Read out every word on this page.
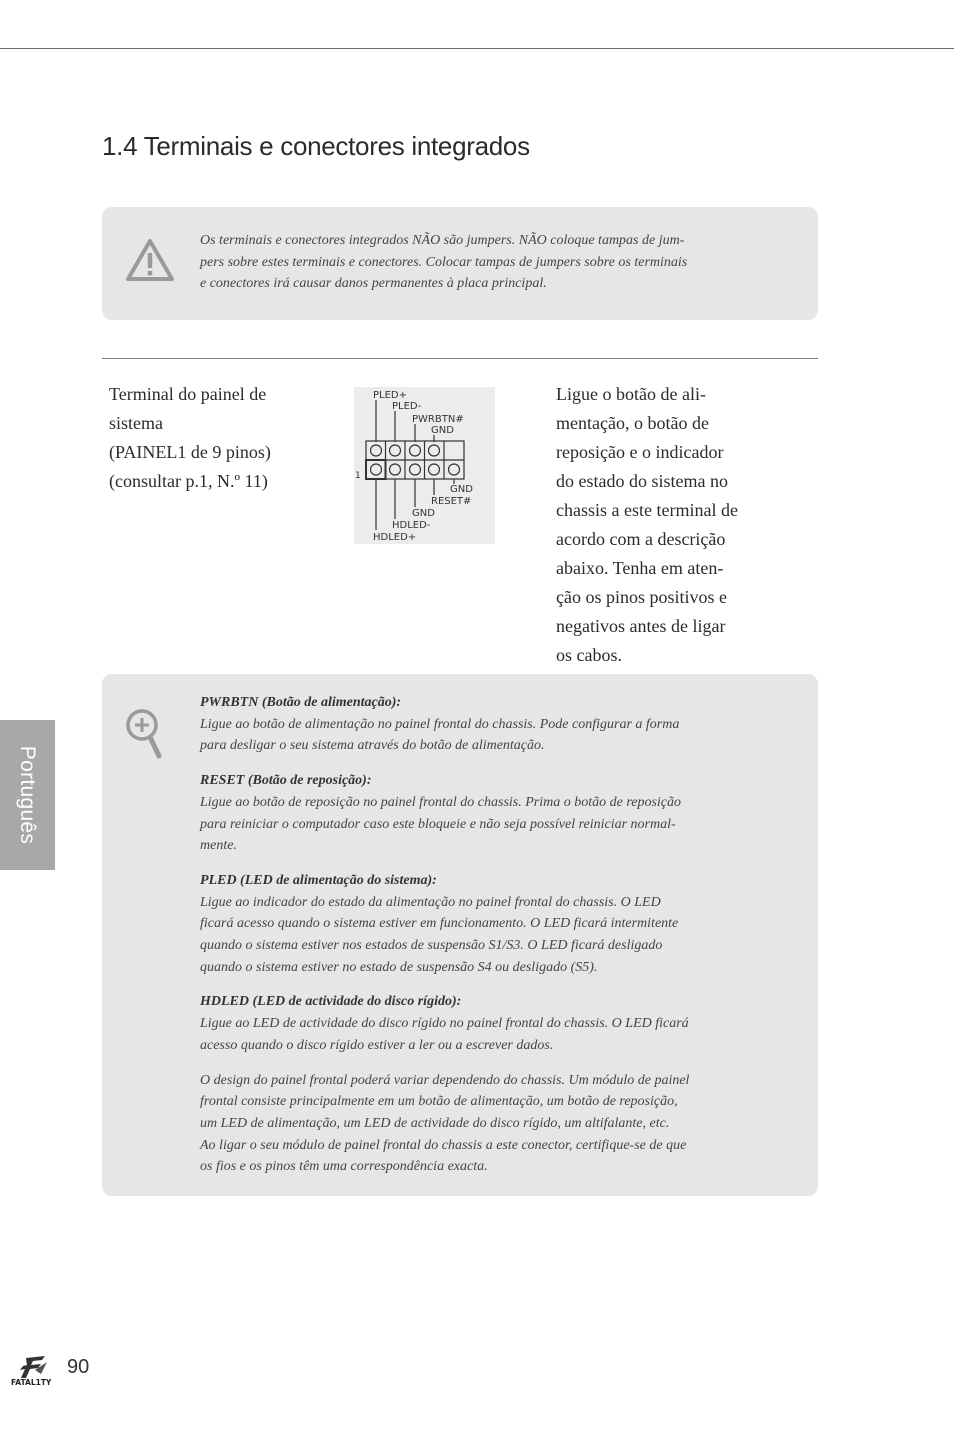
1.4 Terminais e conectores integrados

Os terminais e conectores integrados NÃO são jumpers. NÃO coloque tampas de jum-
pers sobre estes terminais e conectores. Colocar tampas de jumpers sobre os terminais
e conectores irá causar danos permanentes à placa principal.

Terminal do painel de
sistema
(PAINEL1 de 9 pinos)
(consultar p.1, N.º 11)
PLED+
PLED-
PWRBTN#
GND
1
GND
RESET#
GND
HDLED-
HDLED+
Ligue o botão de ali-
mentação, o botão de
reposição e o indicador
do estado do sistema no
chassis a este terminal de
acordo com a descrição
abaixo. Tenha em aten-
ção os pinos positivos e
negativos antes de ligar
os cabos.

PWRBTN (Botão de alimentação):
Ligue ao botão de alimentação no painel frontal do chassis. Pode configurar a forma
para desligar o seu sistema através do botão de alimentação.

RESET (Botão de reposição):
Ligue ao botão de reposição no painel frontal do chassis. Prima o botão de reposição
para reiniciar o computador caso este bloqueie e não seja possível reiniciar normal-
mente.

PLED (LED de alimentação do sistema):
Ligue ao indicador do estado da alimentação no painel frontal do chassis. O LED
ficará acesso quando o sistema estiver em funcionamento. O LED ficará intermitente
quando o sistema estiver nos estados de suspensão S1/S3. O LED ficará desligado
quando o sistema estiver no estado de suspensão S4 ou desligado (S5).

HDLED (LED de actividade do disco rígido):
Ligue ao LED de actividade do disco rígido no painel frontal do chassis. O LED ficará
acesso quando o disco rígido estiver a ler ou a escrever dados.

O design do painel frontal poderá variar dependendo do chassis. Um módulo de painel
frontal consiste principalmente em um botão de alimentação, um botão de reposição,
um LED de alimentação, um LED de actividade do disco rígido, um altifalante, etc.
Ao ligar o seu módulo de painel frontal do chassis a este conector, certifique-se de que
os fios e os pinos têm uma correspondência exacta.

Português
FATAL1TY
90
